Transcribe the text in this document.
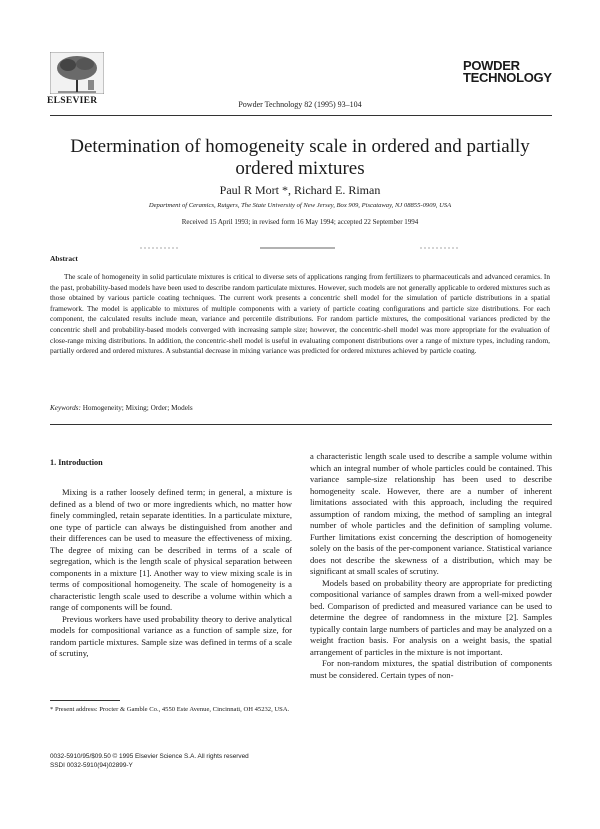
ELSEVIER	Powder Technology 82 (1995) 93–104
POWDER
TECHNOLOGY
Determination of homogeneity scale in ordered and partially ordered mixtures
Paul R Mort *, Richard E. Riman
Department of Ceramics, Rutgers, The State University of New Jersey, Box 909, Piscataway, NJ 08855-0909, USA
Received 15 April 1993; in revised form 16 May 1994; accepted 22 September 1994
Abstract
The scale of homogeneity in solid particulate mixtures is critical to diverse sets of applications ranging from fertilizers to pharmaceuticals and advanced ceramics. In the past, probability-based models have been used to describe random particulate mixtures. However, such models are not generally applicable to ordered mixtures such as those obtained by various particle coating techniques. The current work presents a concentric shell model for the simulation of particle distributions in a spatial framework. The model is applicable to mixtures of multiple components with a variety of particle coating configurations and particle size distributions. For each component, the calculated results include mean, variance and percentile distributions. For random particle mixtures, the compositional variances predicted by the concentric shell and probability-based models converged with increasing sample size; however, the concentric-shell model was more appropriate for the evaluation of close-range mixing distributions. In addition, the concentric-shell model is useful in evaluating component distributions over a range of mixture types, including random, partially ordered and ordered mixtures. A substantial decrease in mixing variance was predicted for ordered mixtures achieved by particle coating.
Keywords: Homogeneity; Mixing; Order; Models
1. Introduction

Mixing is a rather loosely defined term; in general, a mixture is defined as a blend of two or more ingredients which, no matter how finely commingled, retain separate identities. In a particulate mixture, one type of particle can always be distinguished from another and their differences can be used to measure the effectiveness of mixing. The degree of mixing can be described in terms of a scale of segregation, which is the length scale of physical separation between components in a mixture [1]. Another way to view mixing scale is in terms of compositional homogeneity. The scale of homogeneity is a characteristic length scale used to describe a volume within which a range of components will be found.

Previous workers have used probability theory to derive analytical models for compositional variance as a function of sample size, for random particle mixtures. Sample size was defined in terms of a scale of scrutiny,

a characteristic length scale used to describe a sample volume within which an integral number of whole particles could be contained. This variance sample-size relationship has been used to describe homogeneity scale. However, there are a number of inherent limitations associated with this approach, including the required assumption of random mixing, the method of sampling an integral number of whole particles and the definition of sampling volume. Further limitations exist concerning the description of homogeneity solely on the basis of the per-component variance. Statistical variance does not describe the skewness of a distribution, which may be significant at small scales of scrutiny.

Models based on probability theory are appropriate for predicting compositional variance of samples drawn from a well-mixed powder bed. Comparison of predicted and measured variance can be used to determine the degree of randomness in the mixture [2]. Samples typically contain large numbers of particles and may be analyzed on a weight fraction basis. For analysis on a weight basis, the spatial arrangement of particles in the mixture is not important.

For non-random mixtures, the spatial distribution of components must be considered. Certain types of non-

* Present address: Procter & Gamble Co., 4550 Este Avenue, Cincinnati, OH 45232, USA.
0032-5910/95/$09.50 © 1995 Elsevier Science S.A. All rights reserved
SSDI 0032-5910(94)02899-Y
